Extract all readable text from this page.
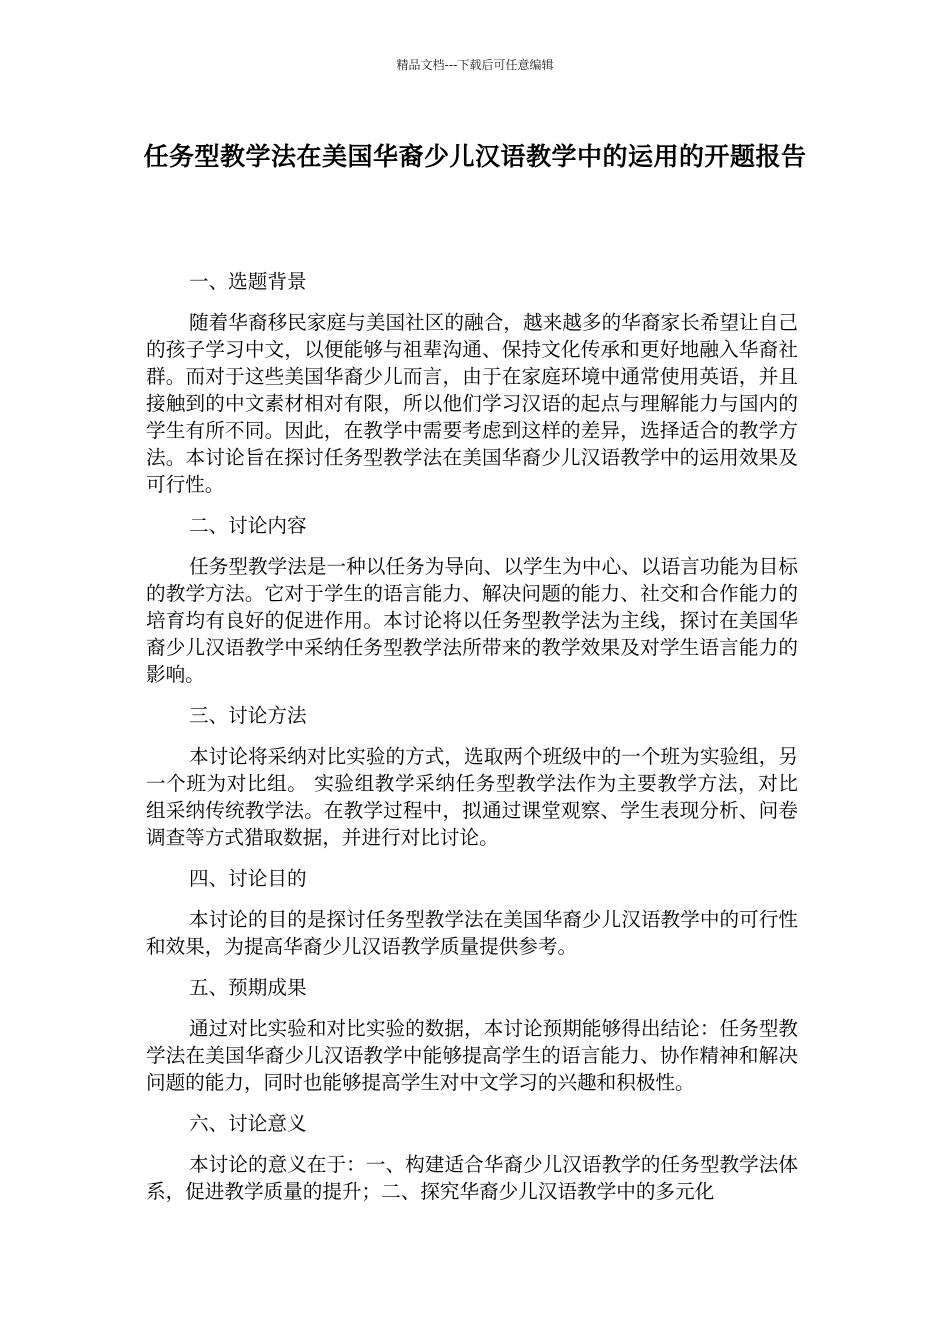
精品文档---下载后可任意编辑
任务型教学法在美国华裔少儿汉语教学中的运用的开题报告

一、选题背景

随着华裔移民家庭与美国社区的融合，越来越多的华裔家长希望让自己的孩子学习中文，以便能够与祖辈沟通、保持文化传承和更好地融入华裔社群。而对于这些美国华裔少儿而言，由于在家庭环境中通常使用英语，并且接触到的中文素材相对有限，所以他们学习汉语的起点与理解能力与国内的学生有所不同。因此，在教学中需要考虑到这样的差异，选择适合的教学方法。本讨论旨在探讨任务型教学法在美国华裔少儿汉语教学中的运用效果及可行性。

二、讨论内容

任务型教学法是一种以任务为导向、以学生为中心、以语言功能为目标的教学方法。它对于学生的语言能力、解决问题的能力、社交和合作能力的培育均有良好的促进作用。本讨论将以任务型教学法为主线，探讨在美国华裔少儿汉语教学中采纳任务型教学法所带来的教学效果及对学生语言能力的影响。

三、讨论方法

本讨论将采纳对比实验的方式，选取两个班级中的一个班为实验组，另一个班为对比组。 实验组教学采纳任务型教学法作为主要教学方法，对比组采纳传统教学法。在教学过程中，拟通过课堂观察、学生表现分析、问卷调查等方式猎取数据，并进行对比讨论。

四、讨论目的

本讨论的目的是探讨任务型教学法在美国华裔少儿汉语教学中的可行性和效果，为提高华裔少儿汉语教学质量提供参考。

五、预期成果

通过对比实验和对比实验的数据，本讨论预期能够得出结论：任务型教学法在美国华裔少儿汉语教学中能够提高学生的语言能力、协作精神和解决问题的能力，同时也能够提高学生对中文学习的兴趣和积极性。

六、讨论意义

本讨论的意义在于：一、构建适合华裔少儿汉语教学的任务型教学法体系，促进教学质量的提升；二、探究华裔少儿汉语教学中的多元化
